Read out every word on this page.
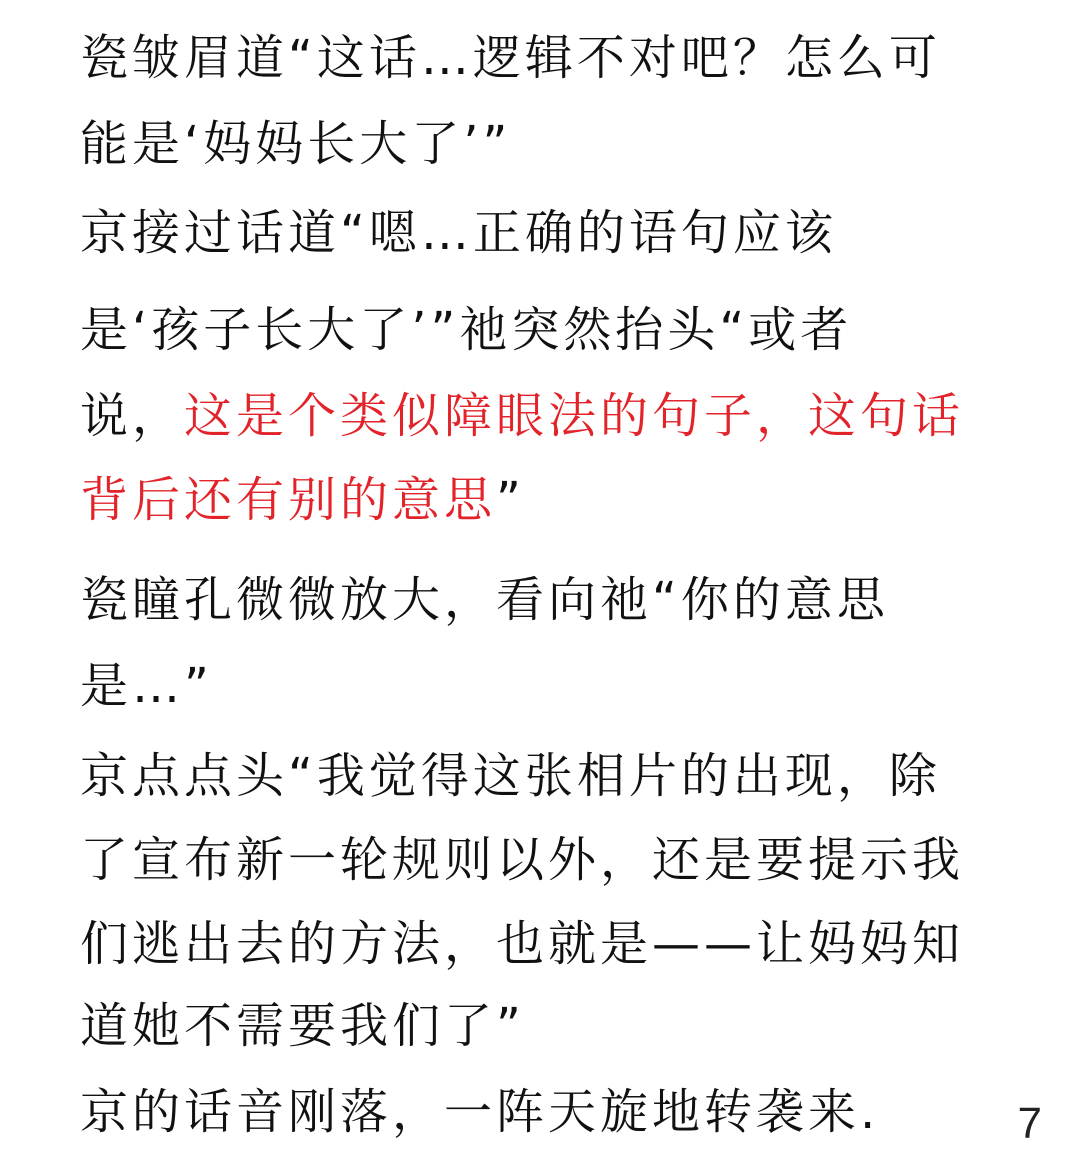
瓷皱眉道“这话…逻辑不对吧？怎么可

能是‘妈妈长大了’”

京接过话道“嗯…正确的语句应该

是‘孩子长大了’”祂突然抬头“或者

说，这是个类似障眼法的句子，这句话

背后还有别的意思”

瓷瞳孔微微放大，看向祂“你的意思

是…”

京点点头“我觉得这张相片的出现，除

了宣布新一轮规则以外，还是要提示我

们逃出去的方法，也就是——让妈妈知

道她不需要我们了”

京的话音刚落，一阵天旋地转袭来.	7
